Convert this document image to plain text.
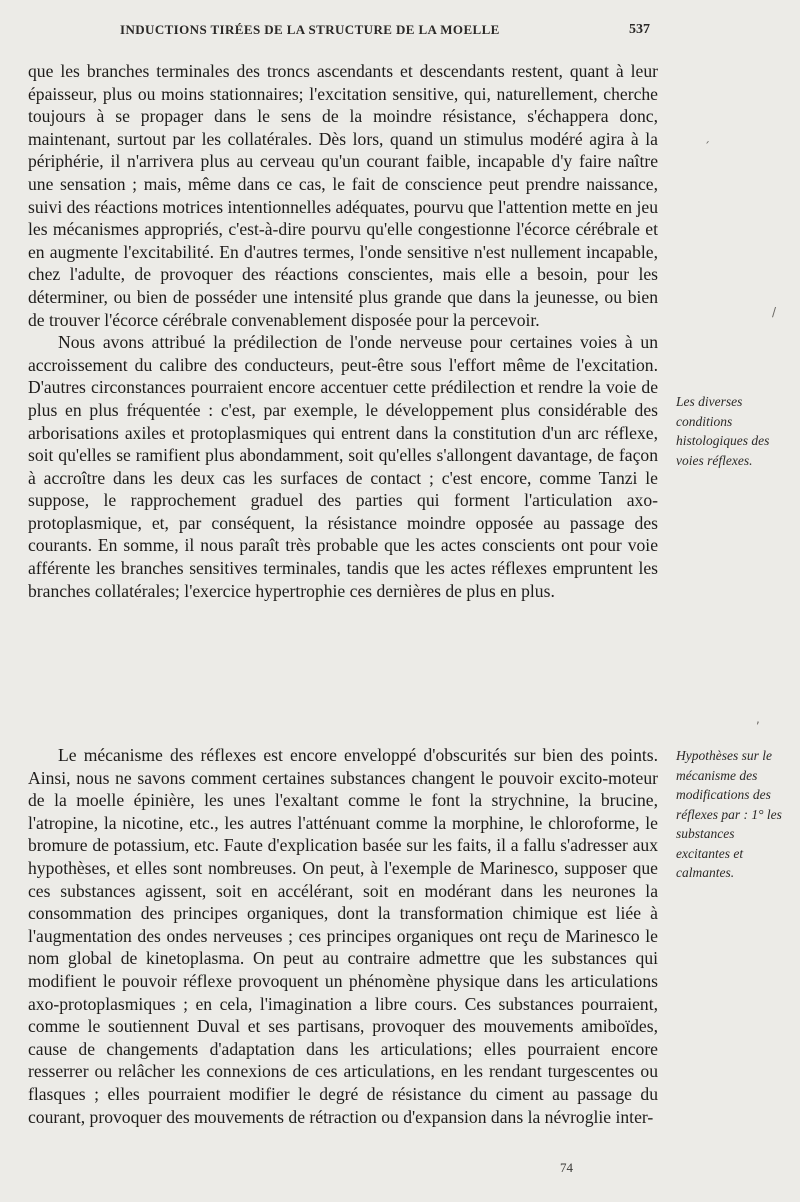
INDUCTIONS TIRÉES DE LA STRUCTURE DE LA MOELLE	537

que les branches terminales des troncs ascendants et descendants restent, quant à leur épaisseur, plus ou moins stationnaires; l'excitation sensitive, qui, naturellement, cherche toujours à se propager dans le sens de la moindre résistance, s'échappera donc, maintenant, surtout par les collatérales. Dès lors, quand un stimulus modéré agira à la périphérie, il n'arrivera plus au cerveau qu'un courant faible, incapable d'y faire naître une sensation ; mais, même dans ce cas, le fait de conscience peut prendre naissance, suivi des réactions motrices intentionnelles adéquates, pourvu que l'attention mette en jeu les mécanismes appropriés, c'est-à-dire pourvu qu'elle congestionne l'écorce cérébrale et en augmente l'excitabilité. En d'autres termes, l'onde sensitive n'est nullement incapable, chez l'adulte, de provoquer des réactions conscientes, mais elle a besoin, pour les déterminer, ou bien de posséder une intensité plus grande que dans la jeunesse, ou bien de trouver l'écorce cérébrale convenablement disposée pour la percevoir.

Nous avons attribué la prédilection de l'onde nerveuse pour certaines voies à un accroissement du calibre des conducteurs, peut-être sous l'effort même de l'excitation. D'autres circonstances pourraient encore accentuer cette prédilection et rendre la voie de plus en plus fréquentée : c'est, par exemple, le développement plus considérable des arborisations axiles et protoplasmiques qui entrent dans la constitution d'un arc réflexe, soit qu'elles se ramifient plus abondamment, soit qu'elles s'allongent davantage, de façon à accroître dans les deux cas les surfaces de contact ; c'est encore, comme Tanzi le suppose, le rapprochement graduel des parties qui forment l'articulation axo-protoplasmique, et, par conséquent, la résistance moindre opposée au passage des courants. En somme, il nous paraît très probable que les actes conscients ont pour voie afférente les branches sensitives terminales, tandis que les actes réflexes empruntent les branches collatérales; l'exercice hypertrophie ces dernières de plus en plus.

Les diverses conditions histologiques des voies réflexes.

Le mécanisme des réflexes est encore enveloppé d'obscurités sur bien des points. Ainsi, nous ne savons comment certaines substances changent le pouvoir excito-moteur de la moelle épinière, les unes l'exaltant comme le font la strychnine, la brucine, l'atropine, la nicotine, etc., les autres l'atténuant comme la morphine, le chloroforme, le bromure de potassium, etc. Faute d'explication basée sur les faits, il a fallu s'adresser aux hypothèses, et elles sont nombreuses. On peut, à l'exemple de Marinesco, supposer que ces substances agissent, soit en accélérant, soit en modérant dans les neurones la consommation des principes organiques, dont la transformation chimique est liée à l'augmentation des ondes nerveuses ; ces principes organiques ont reçu de Marinesco le nom global de kinetoplasma. On peut au contraire admettre que les substances qui modifient le pouvoir réflexe provoquent un phénomène physique dans les articulations axo-protoplasmiques ; en cela, l'imagination a libre cours. Ces substances pourraient, comme le soutiennent Duval et ses partisans, provoquer des mouvements amiboïdes, cause de changements d'adaptation dans les articulations; elles pourraient encore resserrer ou relâcher les connexions de ces articulations, en les rendant turgescentes ou flasques ; elles pourraient modifier le degré de résistance du ciment au passage du courant, provoquer des mouvements de rétraction ou d'expansion dans la névroglie inter-

Hypothèses sur le mécanisme des modifications des réflexes par : 1° les substances excitantes et calmantes.
74
ˊ
/
,
